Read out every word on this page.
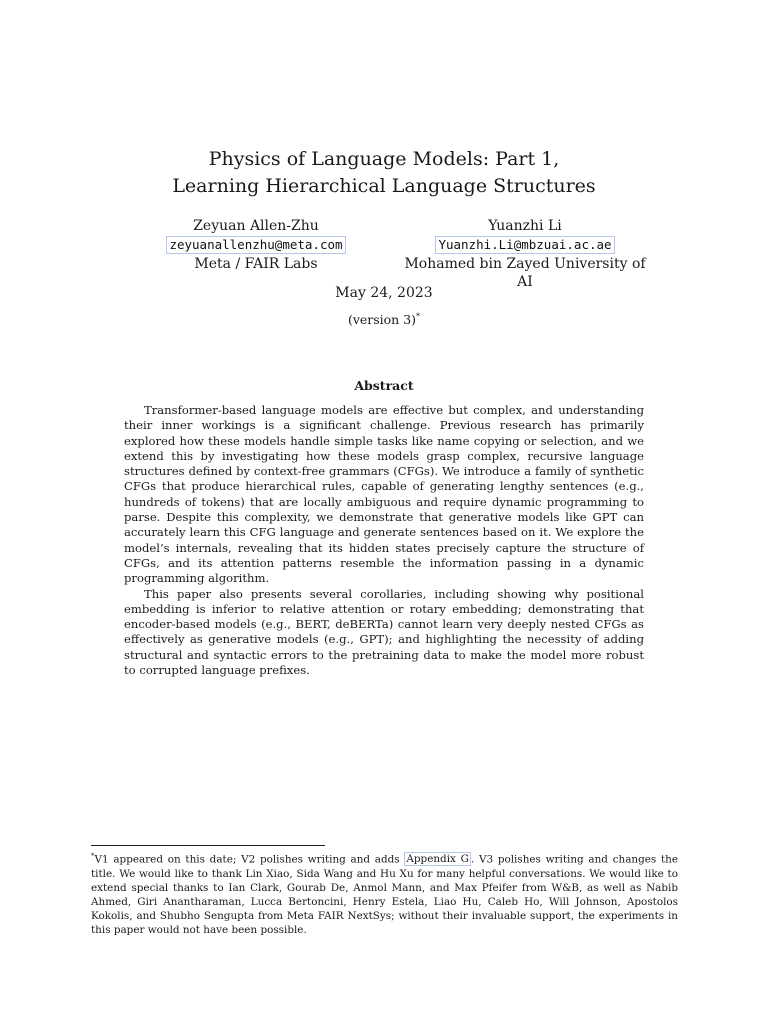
Physics of Language Models: Part 1,
Learning Hierarchical Language Structures
Zeyuan Allen-Zhu
zeyuanallenzhu@meta.com
Meta / FAIR Labs
Yuanzhi Li
Yuanzhi.Li@mbzuai.ac.ae
Mohamed bin Zayed University of AI
May 24, 2023
(version 3)*
Abstract

Transformer-based language models are effective but complex, and understanding their inner workings is a significant challenge. Previous research has primarily explored how these models handle simple tasks like name copying or selection, and we extend this by investigating how these models grasp complex, recursive language structures defined by context-free grammars (CFGs). We introduce a family of synthetic CFGs that produce hierarchical rules, capable of generating lengthy sentences (e.g., hundreds of tokens) that are locally ambiguous and require dynamic programming to parse. Despite this complexity, we demonstrate that generative models like GPT can accurately learn this CFG language and generate sentences based on it. We explore the model’s internals, revealing that its hidden states precisely capture the structure of CFGs, and its attention patterns resemble the information passing in a dynamic programming algorithm.

This paper also presents several corollaries, including showing why positional embedding is inferior to relative attention or rotary embedding; demonstrating that encoder-based models (e.g., BERT, deBERTa) cannot learn very deeply nested CFGs as effectively as generative models (e.g., GPT); and highlighting the necessity of adding structural and syntactic errors to the pretraining data to make the model more robust to corrupted language prefixes.

*V1 appeared on this date; V2 polishes writing and adds Appendix G . V3 polishes writing and changes the title. We would like to thank Lin Xiao, Sida Wang and Hu Xu for many helpful conversations. We would like to extend special thanks to Ian Clark, Gourab De, Anmol Mann, and Max Pfeifer from W&B, as well as Nabib Ahmed, Giri Anantharaman, Lucca Bertoncini, Henry Estela, Liao Hu, Caleb Ho, Will Johnson, Apostolos Kokolis, and Shubho Sengupta from Meta FAIR NextSys; without their invaluable support, the experiments in this paper would not have been possible.
